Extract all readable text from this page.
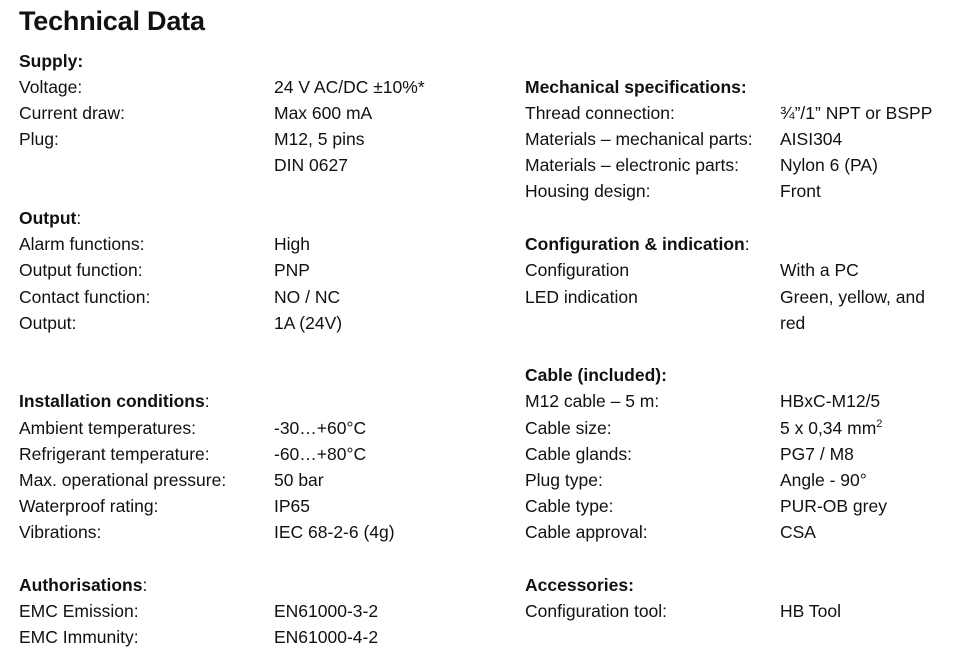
Technical Data
Supply:
Voltage:	24 V AC/DC ±10%*
Current draw:	Max 600 mA
Plug:	M12, 5 pins
DIN 0627
Output:
Alarm functions:	High
Output function:	PNP
Contact function:	NO / NC
Output:	1A (24V)
Installation conditions:
Ambient temperatures:	-30…+60°C
Refrigerant temperature:	-60…+80°C
Max. operational pressure:	50 bar
Waterproof rating:	IP65
Vibrations:	IEC 68-2-6 (4g)
Authorisations:
EMC Emission:	EN61000-3-2
EMC Immunity:	EN61000-4-2
Mechanical specifications:
Thread connection:	¾”/1” NPT or BSPP
Materials – mechanical parts: AISI304
Materials – electronic parts: Nylon 6 (PA)
Housing design:	Front
Configuration & indication:
Configuration	With a PC
LED indication	Green, yellow, and
red
Cable (included):
M12 cable – 5 m:	HBxC-M12/5
Cable size:	5 x 0,34 $mm^2$
Cable glands:	PG7 / M8
Plug type:	Angle - 90°
Cable type:	PUR-OB grey
Cable approval:	CSA
Accessories:
Configuration tool:	HB Tool
